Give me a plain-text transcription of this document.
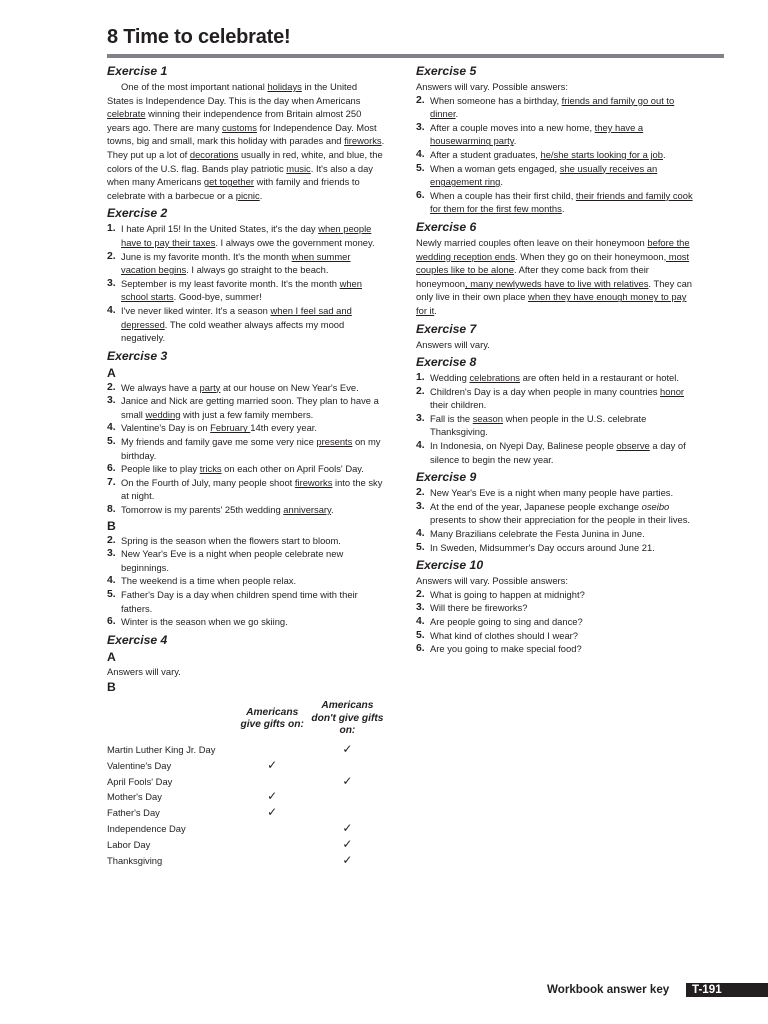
8 Time to celebrate!
Exercise 1
One of the most important national holidays in the United States is Independence Day. This is the day when Americans celebrate winning their independence from Britain almost 250 years ago. There are many customs for Independence Day. Most towns, big and small, mark this holiday with parades and fireworks. They put up a lot of decorations usually in red, white, and blue, the colors of the U.S. flag. Bands play patriotic music. It's also a day when many Americans get together with family and friends to celebrate with a barbecue or a picnic.
Exercise 2
1. I hate April 15! In the United States, it's the day when people have to pay their taxes. I always owe the government money.
2. June is my favorite month. It's the month when summer vacation begins. I always go straight to the beach.
3. September is my least favorite month. It's the month when school starts. Good-bye, summer!
4. I've never liked winter. It's a season when I feel sad and depressed. The cold weather always affects my mood negatively.
Exercise 3
A
2. We always have a party at our house on New Year's Eve.
3. Janice and Nick are getting married soon. They plan to have a small wedding with just a few family members.
4. Valentine's Day is on February 14th every year.
5. My friends and family gave me some very nice presents on my birthday.
6. People like to play tricks on each other on April Fools' Day.
7. On the Fourth of July, many people shoot fireworks into the sky at night.
8. Tomorrow is my parents' 25th wedding anniversary.
B
2. Spring is the season when the flowers start to bloom.
3. New Year's Eve is a night when people celebrate new beginnings.
4. The weekend is a time when people relax.
5. Father's Day is a day when children spend time with their fathers.
6. Winter is the season when we go skiing.
Exercise 4
A
Answers will vary.
B
	Americans give gifts on:	Americans don't give gifts on:
Martin Luther King Jr. Day		✓
Valentine's Day	✓	
April Fools' Day		✓
Mother's Day	✓	
Father's Day	✓	
Independence Day		✓
Labor Day		✓
Thanksgiving		✓
Exercise 5
Answers will vary. Possible answers:
2. When someone has a birthday, friends and family go out to dinner.
3. After a couple moves into a new home, they have a housewarming party.
4. After a student graduates, he/she starts looking for a job.
5. When a woman gets engaged, she usually receives an engagement ring.
6. When a couple has their first child, their friends and family cook for them for the first few months.
Exercise 6
Newly married couples often leave on their honeymoon before the wedding reception ends. When they go on their honeymoon, most couples like to be alone. After they come back from their honeymoon, many newlyweds have to live with relatives. They can only live in their own place when they have enough money to pay for it.
Exercise 7
Answers will vary.
Exercise 8
1. Wedding celebrations are often held in a restaurant or hotel.
2. Children's Day is a day when people in many countries honor their children.
3. Fall is the season when people in the U.S. celebrate Thanksgiving.
4. In Indonesia, on Nyepi Day, Balinese people observe a day of silence to begin the new year.
Exercise 9
2. New Year's Eve is a night when many people have parties.
3. At the end of the year, Japanese people exchange oseibo presents to show their appreciation for the people in their lives.
4. Many Brazilians celebrate the Festa Junina in June.
5. In Sweden, Midsummer's Day occurs around June 21.
Exercise 10
Answers will vary. Possible answers:
2. What is going to happen at midnight?
3. Will there be fireworks?
4. Are people going to sing and dance?
5. What kind of clothes should I wear?
6. Are you going to make special food?
Workbook answer key	T-191
